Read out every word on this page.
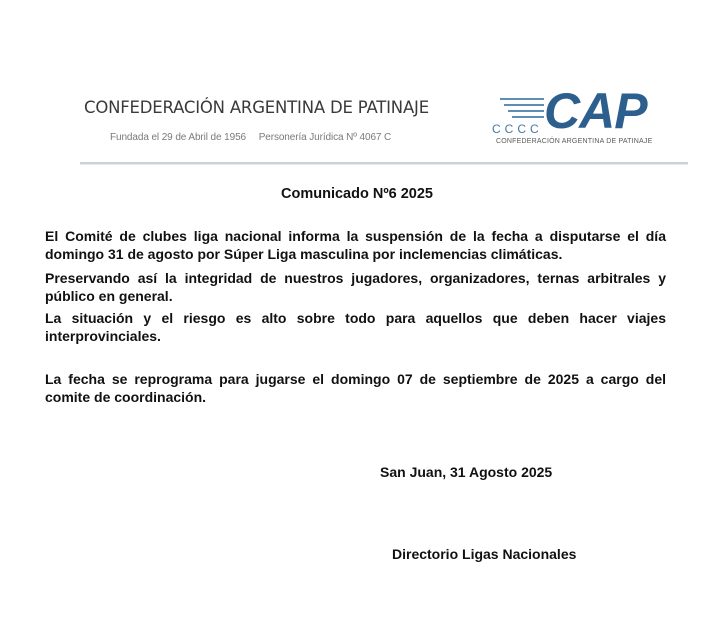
CONFEDERACIÓN ARGENTINA DE PATINAJE
Fundada el 29 de Abril de 1956 Personería Jurídica Nº 4067 C
CCCC CAP
CONFEDERACIÓN ARGENTINA DE PATINAJE
Comunicado Nº6 2025
El Comité de clubes liga nacional informa la suspensión de la fecha a disputarse el día domingo 31 de agosto por Súper Liga masculina por inclemencias climáticas.
Preservando así la integridad de nuestros jugadores, organizadores, ternas arbitrales y público en general.
La situación y el riesgo es alto sobre todo para aquellos que deben hacer viajes interprovinciales.
La fecha se reprograma para jugarse el domingo 07 de septiembre de 2025 a cargo del comite de coordinación.
San Juan, 31 Agosto 2025
Directorio Ligas Nacionales
